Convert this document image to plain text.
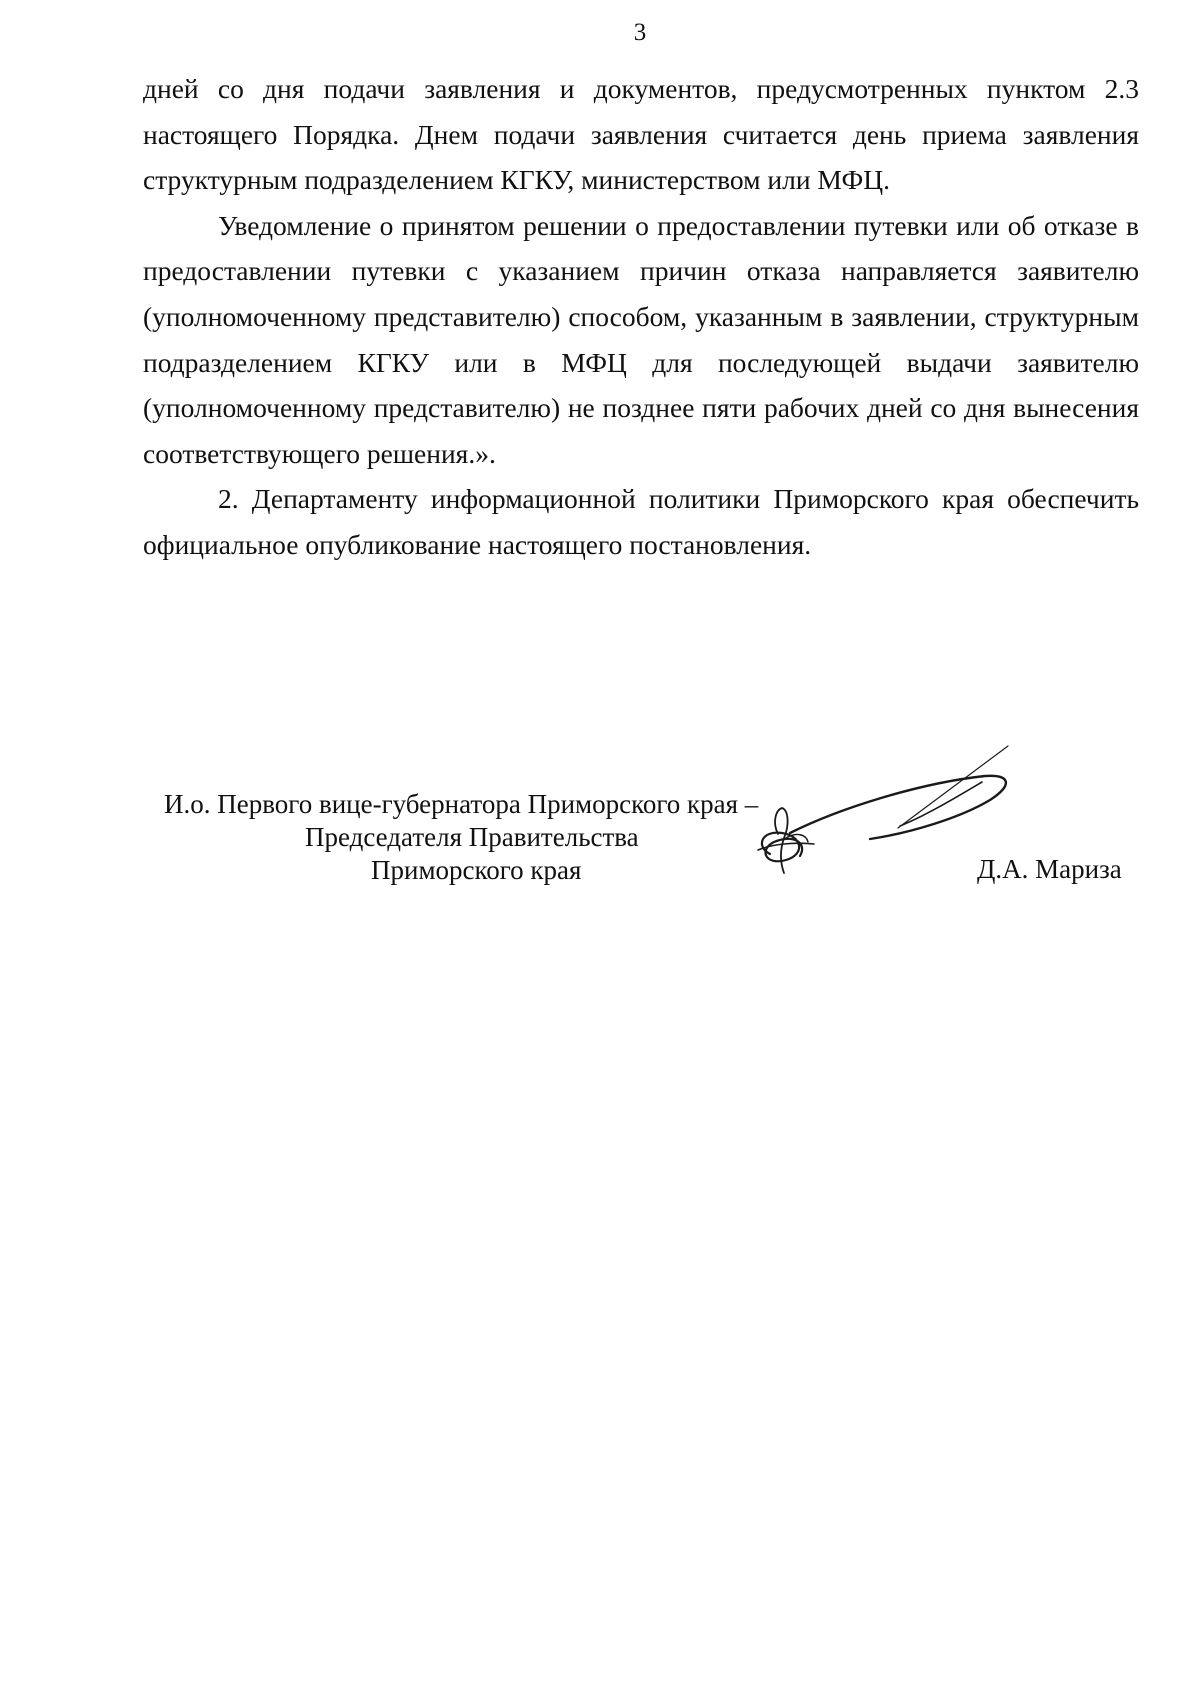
3

дней со дня подачи заявления и документов, предусмотренных пунктом 2.3 настоящего Порядка. Днем подачи заявления считается день приема заявления структурным подразделением КГКУ, министерством или МФЦ.

Уведомление о принятом решении о предоставлении путевки или об отказе в предоставлении путевки с указанием причин отказа направляется заявителю (уполномоченному представителю) способом, указанным в заявлении, структурным подразделением КГКУ или в МФЦ для последующей выдачи заявителю (уполномоченному представителю) не позднее пяти рабочих дней со дня вынесения соответствующего решения.».

2. Департаменту информационной политики Приморского края обеспечить официальное опубликование настоящего постановления.

И.о. Первого вице-губернатора Приморского края –
Председателя Правительства
Приморского края	Д.А. Мариза
